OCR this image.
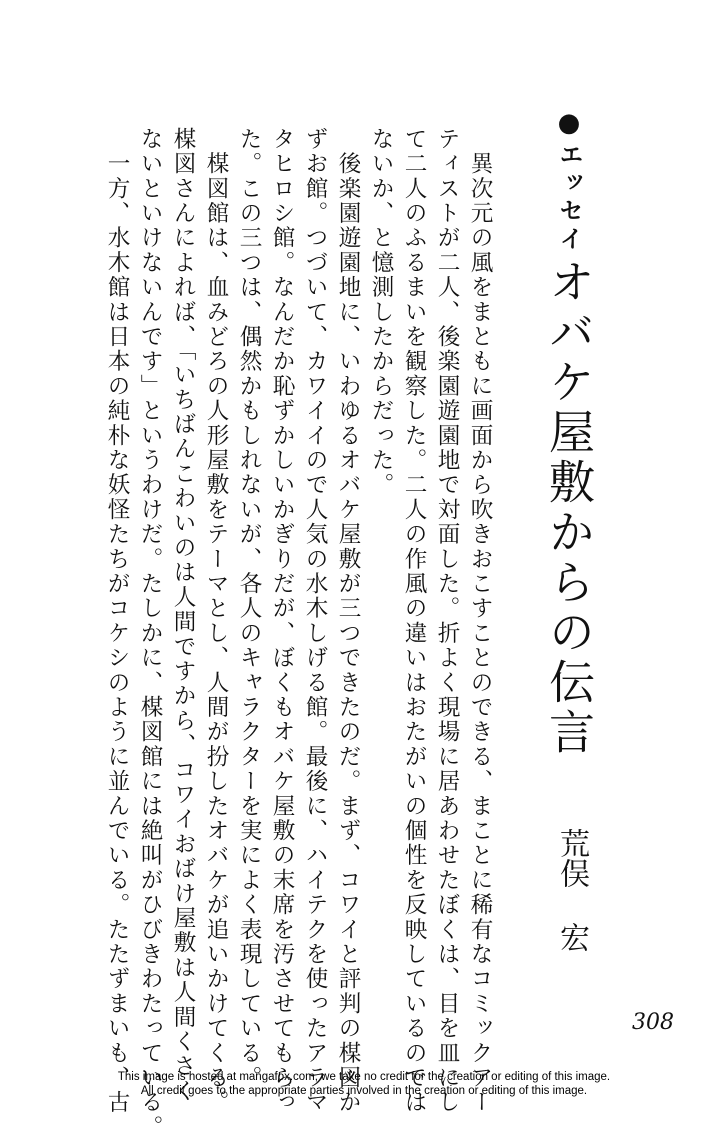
●エッセイ
オバケ屋敷からの伝言
荒俣宏

　異次元の風をまともに画面から吹きおこすことのできる、まことに稀有なコミックアー

ティストが二人、後楽園遊園地で対面した。折よく現場に居あわせたぼくは、目を皿にし

て二人のふるまいを観察した。二人の作風の違いはおたがいの個性を反映しているのでは

ないか、と憶測したからだった。

　後楽園遊園地に、いわゆるオバケ屋敷が三つできたのだ。まず、コワイと評判の楳図か

ずお館。つづいて、カワイイので人気の水木しげる館。最後に、ハイテクを使ったアラマ

タヒロシ館。なんだか恥ずかしいかぎりだが、ぼくもオバケ屋敷の末席を汚させてもらっ

た。この三つは、偶然かもしれないが、各人のキャラクターを実によく表現している。

　楳図館は、血みどろの人形屋敷をテーマとし、人間が扮したオバケが追いかけてくる。

楳図さんによれば、「いちばんこわいのは人間ですから、コワイおばけ屋敷は人間くさく

ないといけないんです」というわけだ。たしかに、楳図館には絶叫がひびきわたっている。

　一方、水木館は日本の純朴な妖怪たちがコケシのように並んでいる。たたずまいも、古	308
This image is hosted at mangafox.com, we take no credit for the creation or editing of this image.
All credit goes to the appropriate parties involved in the creation or editing of this image.
